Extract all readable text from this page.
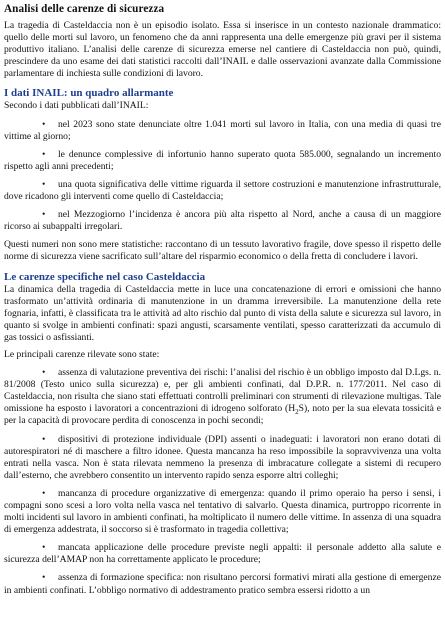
Analisi delle carenze di sicurezza

La tragedia di Casteldaccia non è un episodio isolato. Essa si inserisce in un contesto nazionale drammatico: quello delle morti sul lavoro, un fenomeno che da anni rappresenta una delle emergenze più gravi per il sistema produttivo italiano. L’analisi delle carenze di sicurezza emerse nel cantiere di Casteldaccia non può, quindi, prescindere da uno esame dei dati statistici raccolti dall’INAIL e dalle osservazioni avanzate dalla Commissione parlamentare di inchiesta sulle condizioni di lavoro.

I dati INAIL: un quadro allarmante

Secondo i dati pubblicati dall’INAIL:

• nel 2023 sono state denunciate oltre 1.041 morti sul lavoro in Italia, con una media di quasi tre vittime al giorno;

• le denunce complessive di infortunio hanno superato quota 585.000, segnalando un incremento rispetto agli anni precedenti;

• una quota significativa delle vittime riguarda il settore costruzioni e manutenzione infrastrutturale, dove ricadono gli interventi come quello di Casteldaccia;

• nel Mezzogiorno l’incidenza è ancora più alta rispetto al Nord, anche a causa di un maggiore ricorso ai subappalti irregolari.

Questi numeri non sono mere statistiche: raccontano di un tessuto lavorativo fragile, dove spesso il rispetto delle norme di sicurezza viene sacrificato sull’altare del risparmio economico o della fretta di concludere i lavori.

Le carenze specifiche nel caso Casteldaccia

La dinamica della tragedia di Casteldaccia mette in luce una concatenazione di errori e omissioni che hanno trasformato un’attività ordinaria di manutenzione in un dramma irreversibile. La manutenzione della rete fognaria, infatti, è classificata tra le attività ad alto rischio dal punto di vista della salute e sicurezza sul lavoro, in quanto si svolge in ambienti confinati: spazi angusti, scarsamente ventilati, spesso caratterizzati da accumulo di gas tossici o asfissianti.

Le principali carenze rilevate sono state:

• assenza di valutazione preventiva dei rischi: l’analisi del rischio è un obbligo imposto dal D.Lgs. n. 81/2008 (Testo unico sulla sicurezza) e, per gli ambienti confinati, dal D.P.R. n. 177/2011. Nel caso di Casteldaccia, non risulta che siano stati effettuati controlli preliminari con strumenti di rilevazione multigas. Tale omissione ha esposto i lavoratori a concentrazioni di idrogeno solforato $(H_2S)$, noto per la sua elevata tossicità e per la capacità di provocare perdita di conoscenza in pochi secondi;

• dispositivi di protezione individuale (DPI) assenti o inadeguati: i lavoratori non erano dotati di autorespiratori né di maschere a filtro idonee. Questa mancanza ha reso impossibile la sopravvivenza una volta entrati nella vasca. Non è stata rilevata nemmeno la presenza di imbracature collegate a sistemi di recupero dall’esterno, che avrebbero consentito un intervento rapido senza esporre altri colleghi;

• mancanza di procedure organizzative di emergenza: quando il primo operaio ha perso i sensi, i compagni sono scesi a loro volta nella vasca nel tentativo di salvarlo. Questa dinamica, purtroppo ricorrente in molti incidenti sul lavoro in ambienti confinati, ha moltiplicato il numero delle vittime. In assenza di una squadra di emergenza addestrata, il soccorso si è trasformato in tragedia collettiva;

• mancata applicazione delle procedure previste negli appalti: il personale addetto alla salute e sicurezza dell’AMAP non ha correttamente applicato le procedure;

• assenza di formazione specifica: non risultano percorsi formativi mirati alla gestione di emergenze in ambienti confinati. L’obbligo normativo di addestramento pratico sembra essersi ridotto a un
